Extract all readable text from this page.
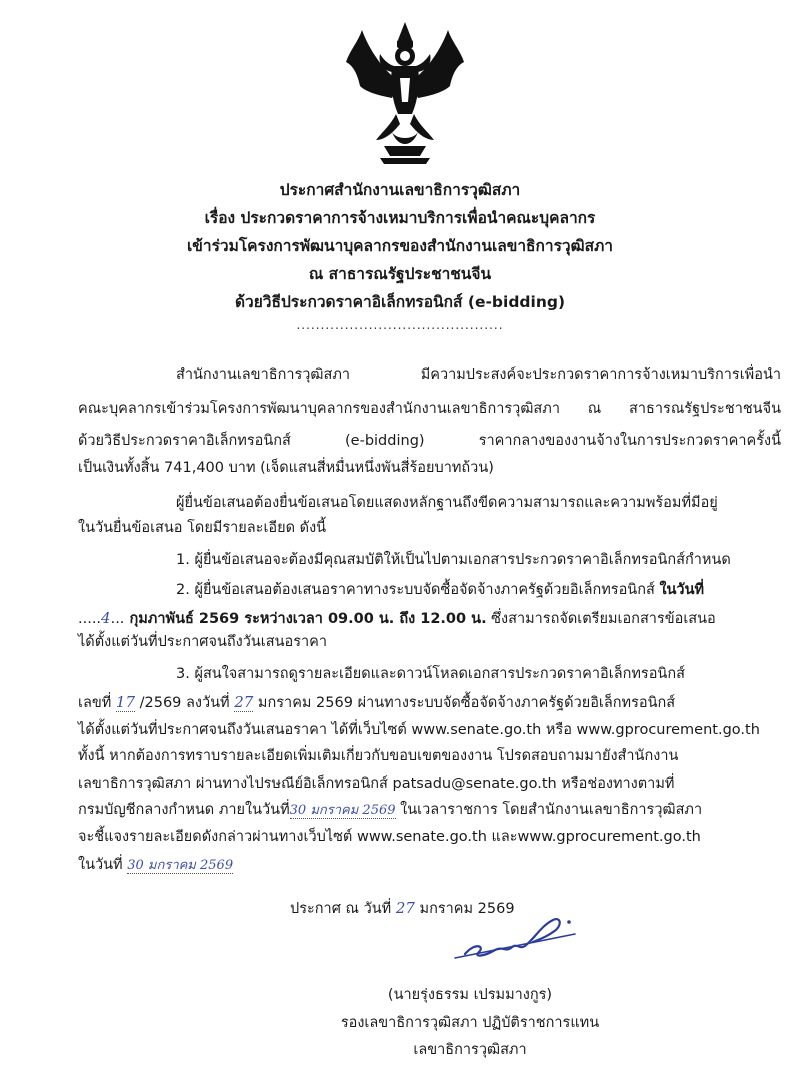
ประกาศสำนักงานเลขาธิการวุฒิสภา
เรื่อง ประกวดราคาการจ้างเหมาบริการเพื่อนำคณะบุคลากร
เข้าร่วมโครงการพัฒนาบุคลากรของสำนักงานเลขาธิการวุฒิสภา
ณ สาธารณรัฐประชาชนจีน
ด้วยวิธีประกวดราคาอิเล็กทรอนิกส์ (e-bidding)
...........................................
สำนักงานเลขาธิการวุฒิสภา มีความประสงค์จะประกวดราคาการจ้างเหมาบริการเพื่อนำ
คณะบุคลากรเข้าร่วมโครงการพัฒนาบุคลากรของสำนักงานเลขาธิการวุฒิสภา ณ สาธารณรัฐประชาชนจีน
ด้วยวิธีประกวดราคาอิเล็กทรอนิกส์ (e-bidding) ราคากลางของงานจ้างในการประกวดราคาครั้งนี้
เป็นเงินทั้งสิ้น 741,400 บาท (เจ็ดแสนสี่หมื่นหนึ่งพันสี่ร้อยบาทถ้วน)
ผู้ยื่นข้อเสนอต้องยื่นข้อเสนอโดยแสดงหลักฐานถึงขีดความสามารถและความพร้อมที่มีอยู่
ในวันยื่นข้อเสนอ โดยมีรายละเอียด ดังนี้
1. ผู้ยื่นข้อเสนอจะต้องมีคุณสมบัติให้เป็นไปตามเอกสารประกวดราคาอิเล็กทรอนิกส์กำหนด
2. ผู้ยื่นข้อเสนอต้องเสนอราคาทางระบบจัดซื้อจัดจ้างภาครัฐด้วยอิเล็กทรอนิกส์ ในวันที่
.....4... กุมภาพันธ์ 2569 ระหว่างเวลา 09.00 น. ถึง 12.00 น. ซึ่งสามารถจัดเตรียมเอกสารข้อเสนอ
ได้ตั้งแต่วันที่ประกาศจนถึงวันเสนอราคา
3. ผู้สนใจสามารถดูรายละเอียดและดาวน์โหลดเอกสารประกวดราคาอิเล็กทรอนิกส์
เลขที่ 17 /2569 ลงวันที่ 27 มกราคม 2569 ผ่านทางระบบจัดซื้อจัดจ้างภาครัฐด้วยอิเล็กทรอนิกส์
ได้ตั้งแต่วันที่ประกาศจนถึงวันเสนอราคา ได้ที่เว็บไซต์ www.senate.go.th หรือ www.gprocurement.go.th
ทั้งนี้ หากต้องการทราบรายละเอียดเพิ่มเติมเกี่ยวกับขอบเขตของงาน โปรดสอบถามมายังสำนักงาน
เลขาธิการวุฒิสภา ผ่านทางไปรษณีย์อิเล็กทรอนิกส์ patsadu@senate.go.th หรือช่องทางตามที่
กรมบัญชีกลางกำหนด ภายในวันที่30 มกราคม 2569 ในเวลาราชการ โดยสำนักงานเลขาธิการวุฒิสภา
จะชี้แจงรายละเอียดดังกล่าวผ่านทางเว็บไซต์ www.senate.go.th และwww.gprocurement.go.th
ในวันที่ 30 มกราคม 2569
ประกาศ ณ วันที่ 27 มกราคม 2569
(นายรุ่งธรรม เปรมมางกูร)
รองเลขาธิการวุฒิสภา ปฏิบัติราชการแทน
เลขาธิการวุฒิสภา
